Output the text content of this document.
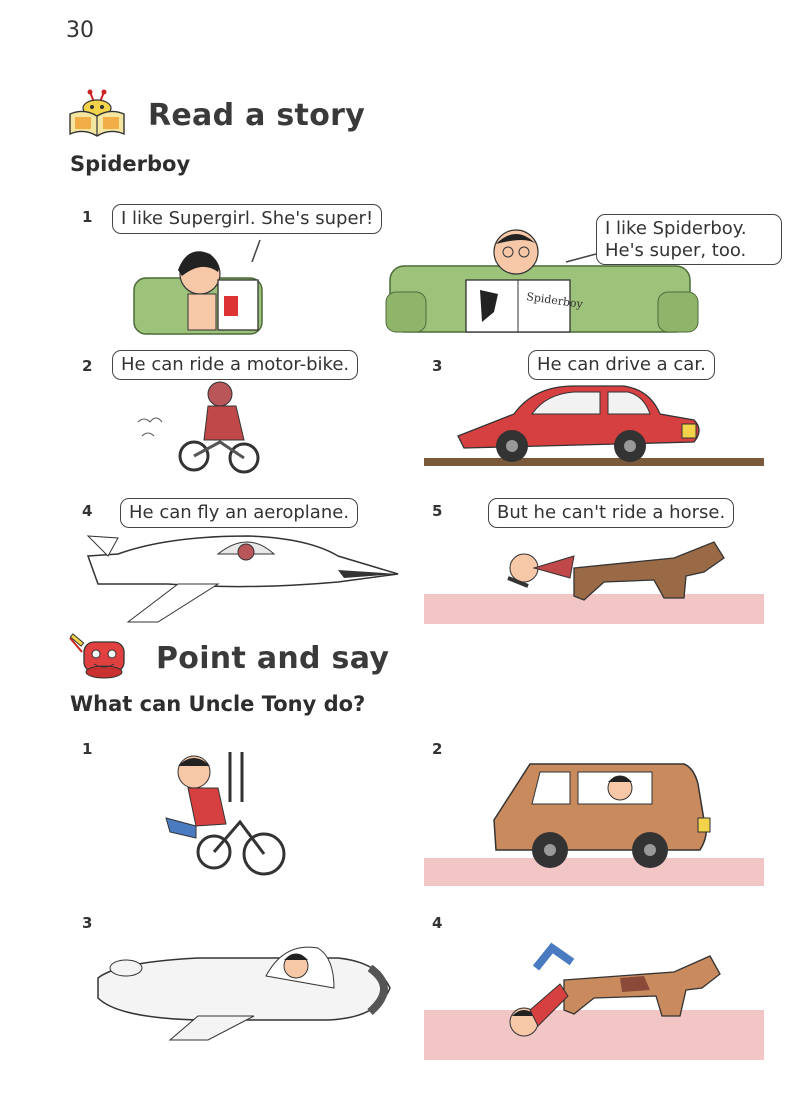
30
Read a story
Spiderboy
1	I like Supergirl. She's super!	I like Spiderboy.
He's super, too.
Spiderboy
2	He can ride a motor-bike.	3	He can drive a car.
4	He can fly an aeroplane.	5	But he can't ride a horse.
Point and say
What can Uncle Tony do?
1	2
3	4
